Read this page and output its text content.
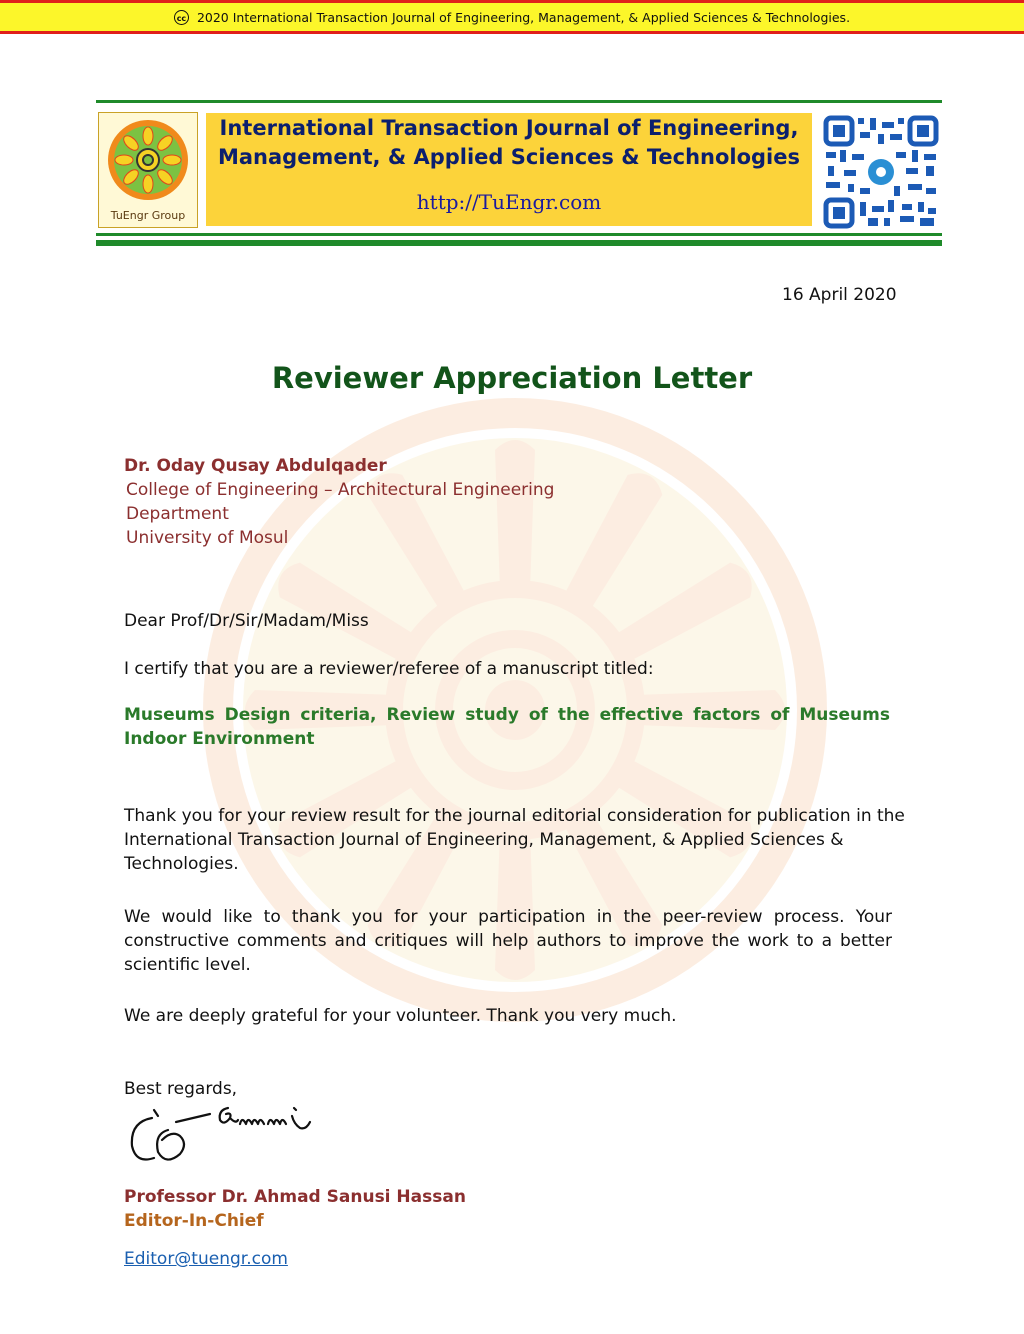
cc 2020 International Transaction Journal of Engineering, Management, & Applied Sciences & Technologies.
TuEngr Group
International Transaction Journal of Engineering,
Management, & Applied Sciences & Technologies
http://TuEngr.com
16 April 2020
Reviewer Appreciation Letter
Dr. Oday Qusay Abdulqader
College of Engineering – Architectural Engineering
Department
University of Mosul
Dear Prof/Dr/Sir/Madam/Miss
I certify that you are a reviewer/referee of a manuscript titled:
Museums Design criteria, Review study of the effective factors of Museums Indoor Environment
Thank you for your review result for the journal editorial consideration for publication in the International Transaction Journal of Engineering, Management, & Applied Sciences & Technologies.
We would like to thank you for your participation in the peer-review process. Your constructive comments and critiques will help authors to improve the work to a better scientific level.
We are deeply grateful for your volunteer. Thank you very much.
Best regards,
Professor Dr. Ahmad Sanusi Hassan
Editor-In-Chief
Editor@tuengr.com
